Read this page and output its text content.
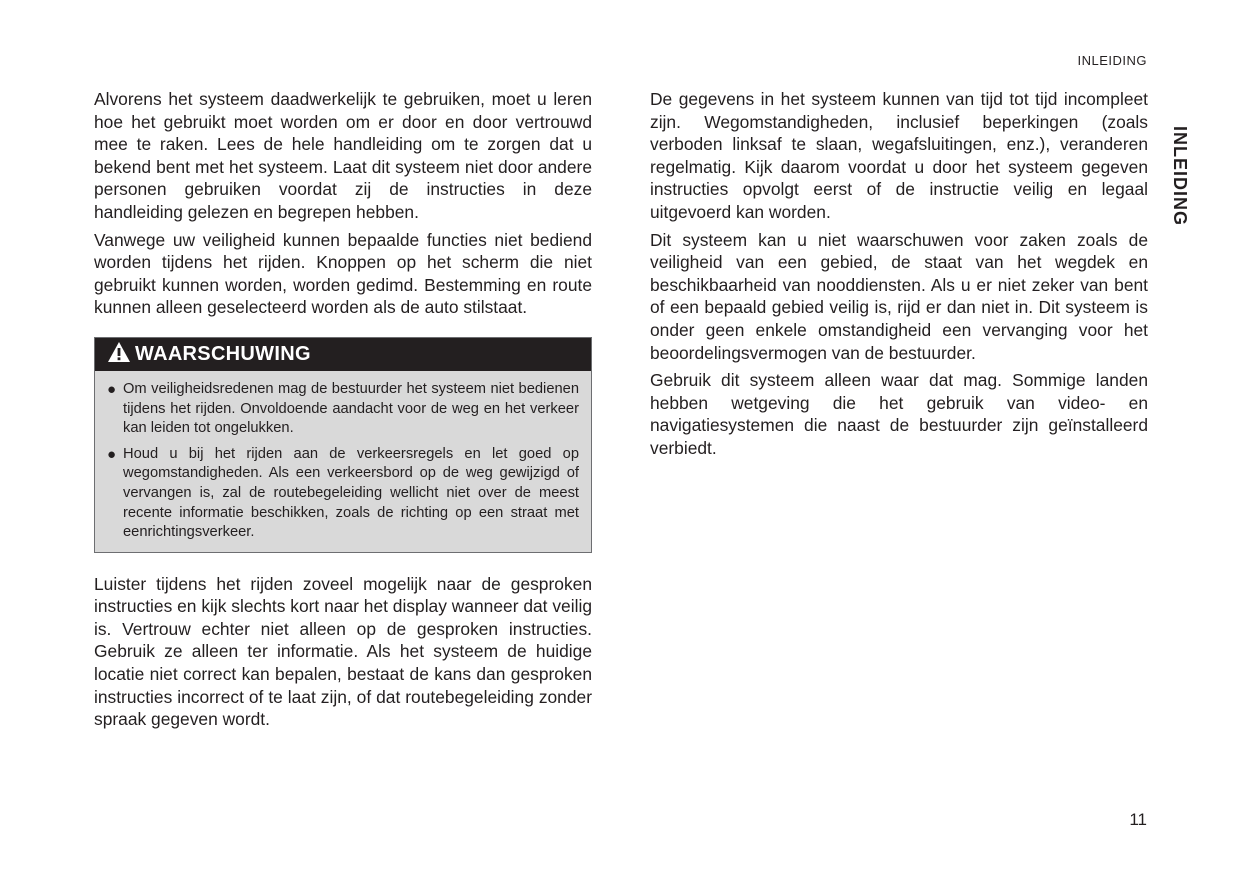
INLEIDING
INLEIDING

Alvorens het systeem daadwerkelijk te gebruiken, moet u leren hoe het gebruikt moet worden om er door en door vertrouwd mee te raken. Lees de hele handleiding om te zorgen dat u bekend bent met het systeem. Laat dit systeem niet door andere personen gebruiken voordat zij de instructies in deze handleiding gelezen en begrepen hebben.

Vanwege uw veiligheid kunnen bepaalde functies niet bediend worden tijdens het rijden. Knoppen op het scherm die niet gebruikt kunnen worden, worden gedimd. Bestemming en route kunnen alleen geselecteerd worden als de auto stilstaat.

WAARSCHUWING
● Om veiligheidsredenen mag de bestuurder het systeem niet bedienen tijdens het rijden. Onvoldoende aandacht voor de weg en het verkeer kan leiden tot ongelukken.
● Houd u bij het rijden aan de verkeersregels en let goed op wegomstandigheden. Als een verkeersbord op de weg gewijzigd of vervangen is, zal de routebegeleiding wellicht niet over de meest recente informatie beschikken, zoals de richting op een straat met eenrichtingsverkeer.

Luister tijdens het rijden zoveel mogelijk naar de gesproken instructies en kijk slechts kort naar het display wanneer dat veilig is. Vertrouw echter niet alleen op de gesproken instructies. Gebruik ze alleen ter informatie. Als het systeem de huidige locatie niet correct kan bepalen, bestaat de kans dan gesproken instructies incorrect of te laat zijn, of dat routebegeleiding zonder spraak gegeven wordt.

De gegevens in het systeem kunnen van tijd tot tijd incompleet zijn. Wegomstandigheden, inclusief beperkingen (zoals verboden linksaf te slaan, wegafsluitingen, enz.), veranderen regelmatig. Kijk daarom voordat u door het systeem gegeven instructies opvolgt eerst of de instructie veilig en legaal uitgevoerd kan worden.

Dit systeem kan u niet waarschuwen voor zaken zoals de veiligheid van een gebied, de staat van het wegdek en beschikbaarheid van nooddiensten. Als u er niet zeker van bent of een bepaald gebied veilig is, rijd er dan niet in. Dit systeem is onder geen enkele omstandigheid een vervanging voor het beoordelingsvermogen van de bestuurder.

Gebruik dit systeem alleen waar dat mag. Sommige landen hebben wetgeving die het gebruik van video- en navigatiesystemen die naast de bestuurder zijn geïnstalleerd verbiedt.

11
